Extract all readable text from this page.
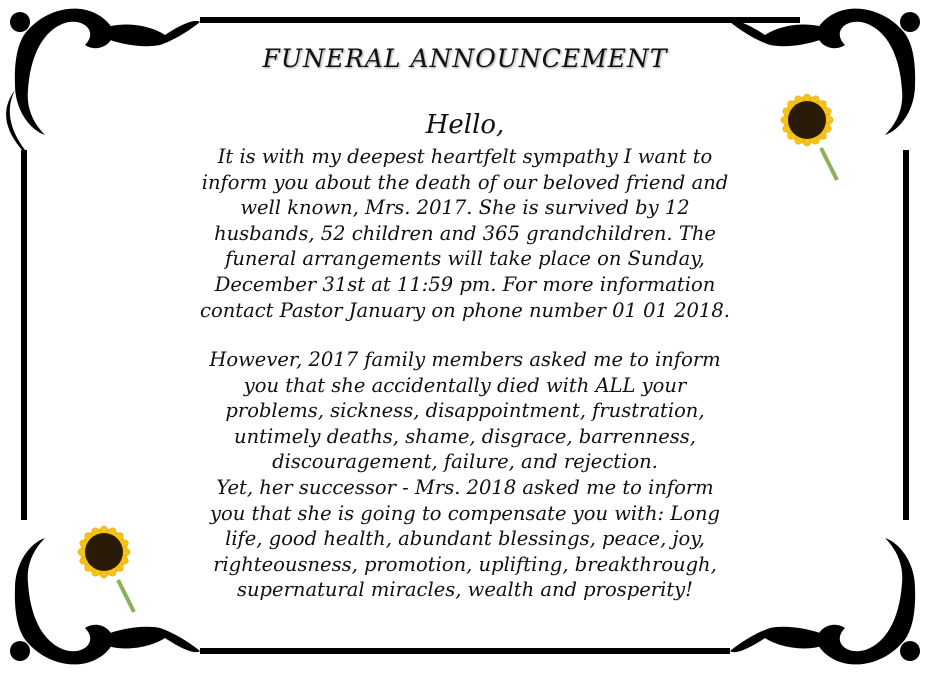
FUNERAL ANNOUNCEMENT
Hello,
It is with my deepest heartfelt sympathy I want to
inform you about the death of our beloved friend and
well known, Mrs. 2017. She is survived by 12
husbands, 52 children and 365 grandchildren. The
funeral arrangements will take place on Sunday,
December 31st at 11:59 pm. For more information
contact Pastor January on phone number 01 01 2018.
However, 2017 family members asked me to inform
you that she accidentally died with ALL your
problems, sickness, disappointment, frustration,
untimely deaths, shame, disgrace, barrenness,
discouragement, failure, and rejection.
Yet, her successor - Mrs. 2018 asked me to inform
you that she is going to compensate you with: Long
life, good health, abundant blessings, peace, joy,
righteousness, promotion, uplifting, breakthrough,
supernatural miracles, wealth and prosperity!
